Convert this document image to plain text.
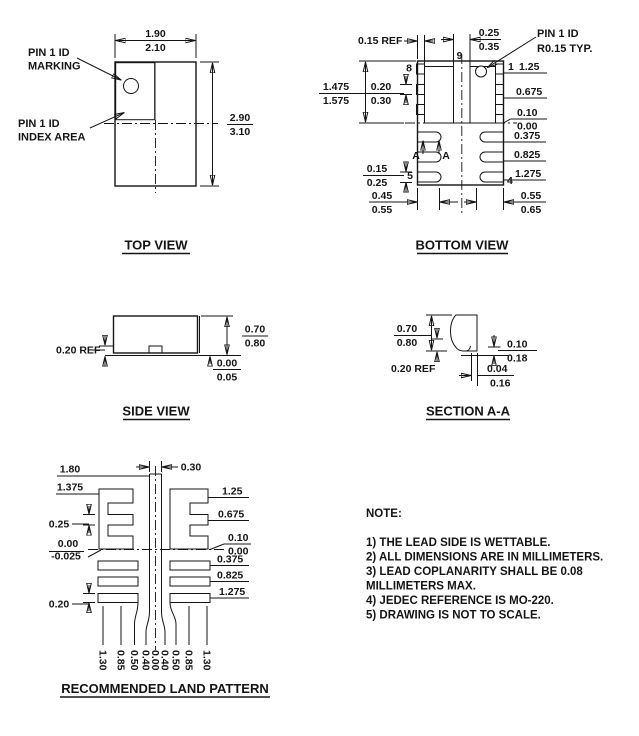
1.90
2.10
2.90
3.10
PIN 1 ID
MARKING
PIN 1 ID
INDEX AREA
TOP VIEW
A A
1.475
1.575
0.20
0.30
0.15
0.25
0.45
0.55
0.55
0.65
0.15 REF
0.25
0.35
PIN 1 ID
R0.15 TYP.
9
8
5	4
1 1.25
0.675
0.10
0.00
0.375
0.825
1.275
BOTTOM VIEW
0.20 REF
0.70
0.80
0.00
0.05
SIDE VIEW
0.70
0.80
0.20 REF
0.10
0.18
0.04
0.16
SECTION A-A
1.80	0.30
1.375
0.25
0.00
-0.025
0.20
1.25
0.675
0.10
0.00
0.375
0.825
1.275
1.30 0.85 0.50 0.40
0.00
0.40 0.50 0.85 1.30
RECOMMENDED LAND PATTERN
NOTE:
1) THE LEAD SIDE IS WETTABLE.
2) ALL DIMENSIONS ARE IN MILLIMETERS.
3) LEAD COPLANARITY SHALL BE 0.08
MILLIMETERS MAX.
4) JEDEC REFERENCE IS MO-220.
5) DRAWING IS NOT TO SCALE.
